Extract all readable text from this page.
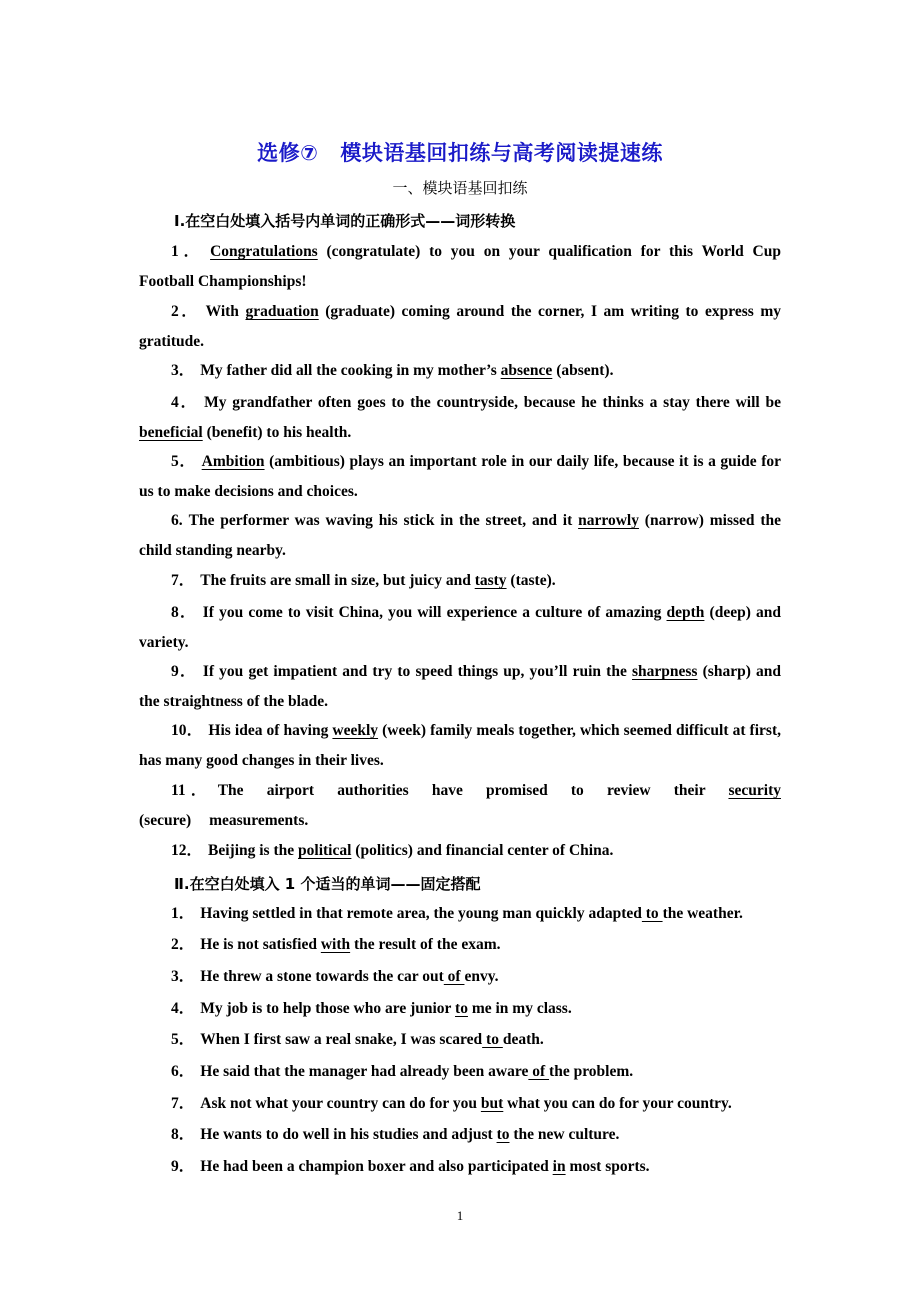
选修⑦ 模块语基回扣练与高考阅读提速练
一、模块语基回扣练
Ⅰ.在空白处填入括号内单词的正确形式——词形转换
1． Congratulations (congratulate) to you on your qualification for this World Cup Football Championships!
2． With graduation (graduate) coming around the corner, I am writing to express my gratitude.
3． My father did all the cooking in my mother’s absence (absent).
4． My grandfather often goes to the countryside, because he thinks a stay there will be beneficial (benefit) to his health.
5． Ambition (ambitious) plays an important role in our daily life, because it is a guide for us to make decisions and choices.
6. The performer was waving his stick in the street, and it narrowly (narrow) missed the child standing nearby.
7． The fruits are small in size, but juicy and tasty (taste).
8． If you come to visit China, you will experience a culture of amazing depth (deep) and variety.
9． If you get impatient and try to speed things up, you’ll ruin the sharpness (sharp) and the straightness of the blade.
10． His idea of having weekly (week) family meals together, which seemed difficult at first, has many good changes in their lives.
11． The airport authorities have promised to review their security (secure) measurements.
12． Beijing is the political (politics) and financial center of China.
Ⅱ.在空白处填入 1 个适当的单词——固定搭配
1． Having settled in that remote area, the young man quickly adapted to the weather.
2． He is not satisfied with the result of the exam.
3． He threw a stone towards the car out of envy.
4． My job is to help those who are junior to me in my class.
5． When I first saw a real snake, I was scared to death.
6． He said that the manager had already been aware of the problem.
7． Ask not what your country can do for you but what you can do for your country.
8． He wants to do well in his studies and adjust to the new culture.
9． He had been a champion boxer and also participated in most sports.
1
